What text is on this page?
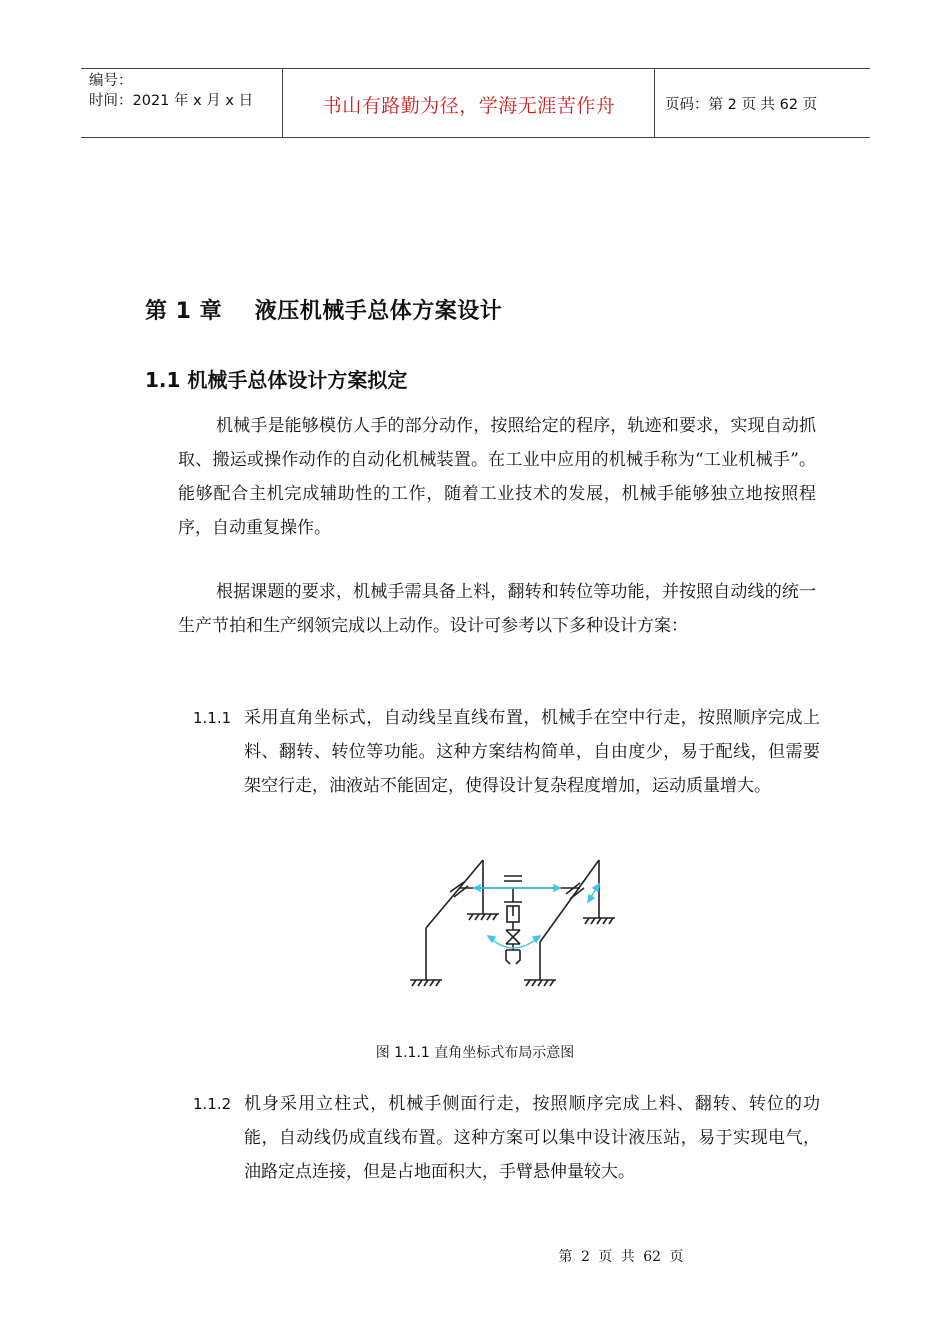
编号：
时间：2021 年 x 月 x 日	书山有路勤为径，学海无涯苦作舟	页码：第 2 页 共 62 页
第 1 章    液压机械手总体方案设计
1.1 机械手总体设计方案拟定

机械手是能够模仿人手的部分动作，按照给定的程序，轨迹和要求，实现自动抓取、搬运或操作动作的自动化机械装置。在工业中应用的机械手称为“工业机械手”。能够配合主机完成辅助性的工作，随着工业技术的发展，机械手能够独立地按照程序，自动重复操作。

根据课题的要求，机械手需具备上料，翻转和转位等功能，并按照自动线的统一生产节拍和生产纲领完成以上动作。设计可参考以下多种设计方案：

1.1.1 采用直角坐标式，自动线呈直线布置，机械手在空中行走，按照顺序完成上料、翻转、转位等功能。这种方案结构简单，自由度少，易于配线，但需要架空行走，油液站不能固定，使得设计复杂程度增加，运动质量增大。

图 1.1.1 直角坐标式布局示意图
1.1.2 机身采用立柱式，机械手侧面行走，按照顺序完成上料、翻转、转位的功能，自动线仍成直线布置。这种方案可以集中设计液压站，易于实现电气，油路定点连接，但是占地面积大，手臂悬伸量较大。

第 2 页 共 62 页
